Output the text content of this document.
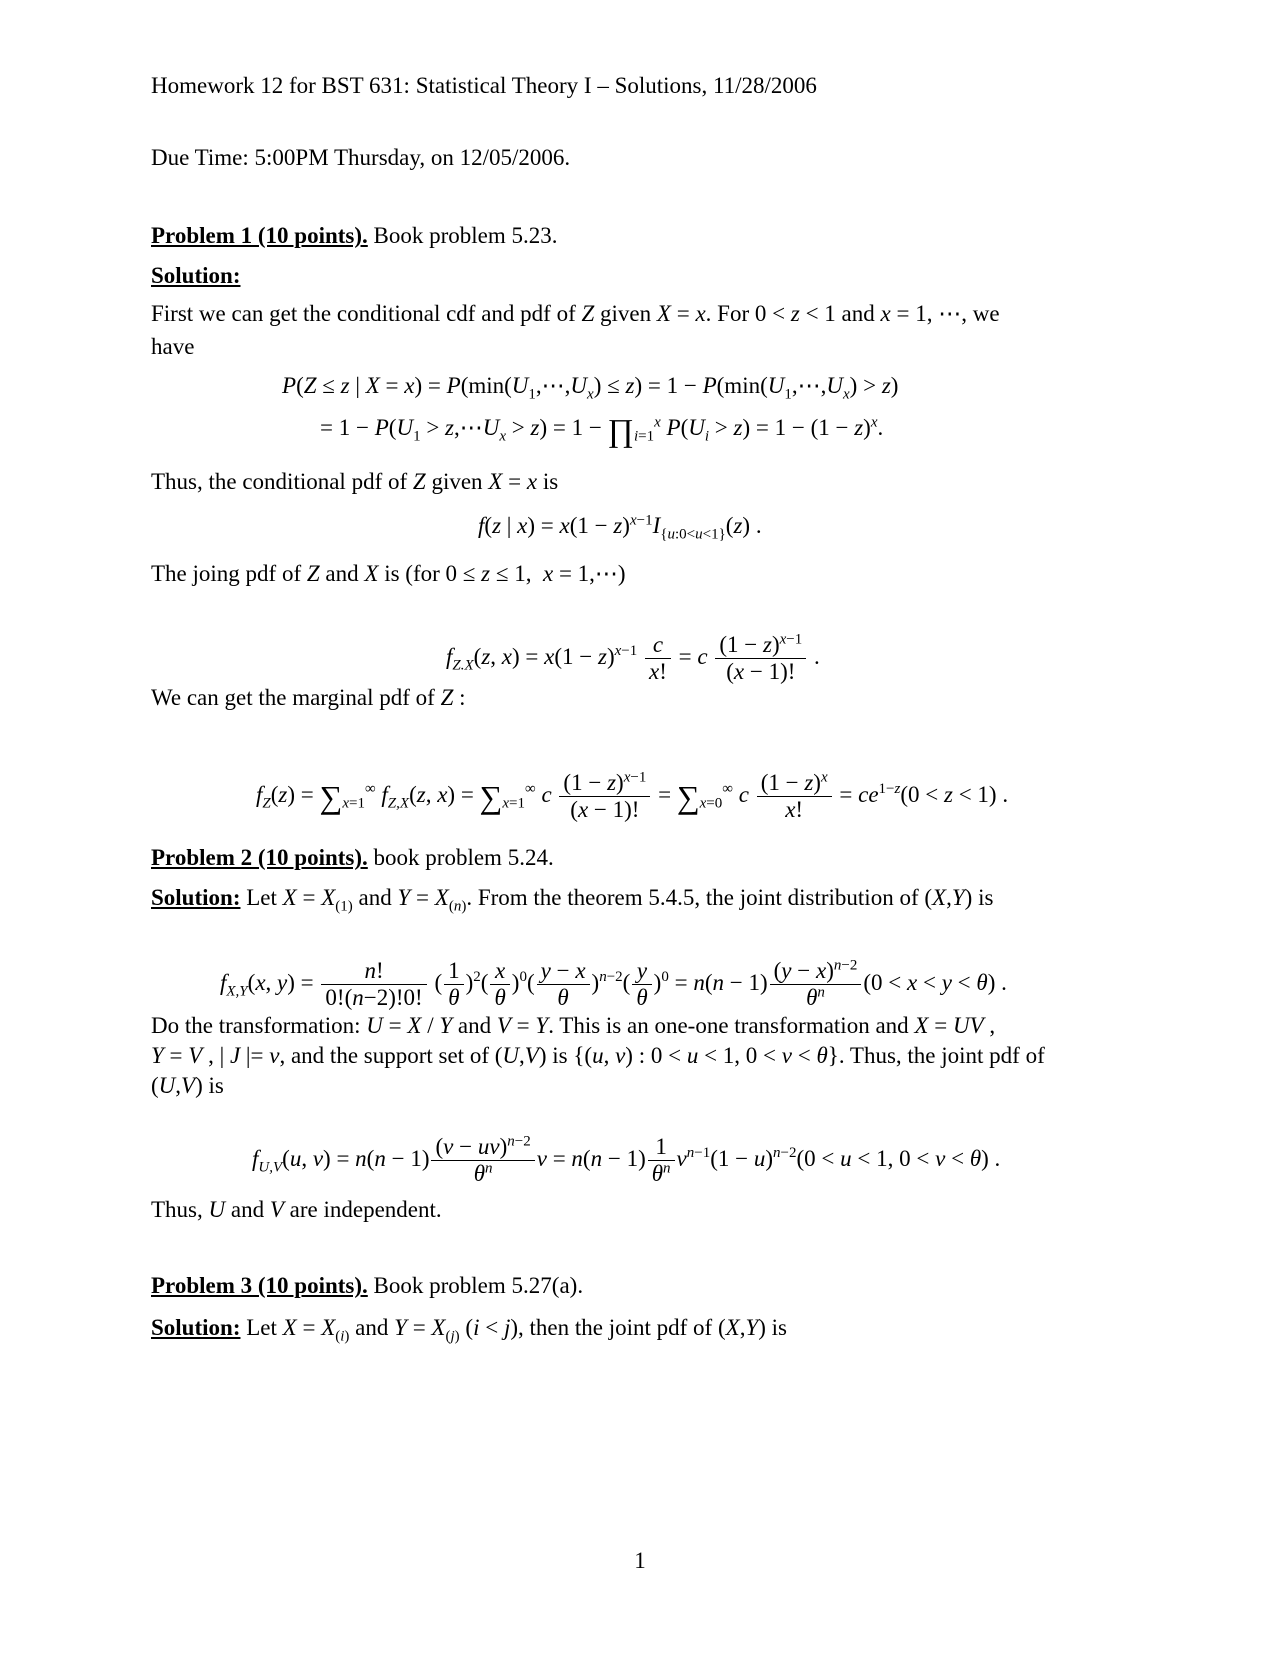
Homework 12 for BST 631: Statistical Theory I – Solutions, 11/28/2006
Due Time: 5:00PM Thursday, on 12/05/2006.
Problem 1 (10 points). Book problem 5.23.
Solution:
First we can get the conditional cdf and pdf of Z given X = x. For 0 < z < 1 and x = 1, ⋯, we
have
P(Z ≤ z | $X = x) = P(\min(U_1,\cdots,U_x) \le z) = 1$ − $P(\min(U_1,\cdots,U_x) > z)$
= $1 - P(U_1$ > $z,\cdots U_x > z) = 1$ − $\prod_{i=1}^x$ $P(U_i > z) = 1 - (1 - z)^x$.
Thus, the conditional pdf of Z given X = x is
f(z | $x) = x(1 - z)^{x-1}I_{\{u:0<u<1\}}(z)$ .
The joing pdf of Z and X is (for 0 ≤ z ≤ 1,  x = 1,⋯)
$f_{Z.X}(z$, $x) = x(1 - z)^{x-1} \frac{c}{x!} = c \frac{(1 - z)^{x-1}}{(x - 1)!}$ .
We can get the marginal pdf of Z :
$f_Z(z) = \sum_{x=1}^\infty$ $f_{Z,X}(z$, $x) = \sum_{x=1}^\infty$ c $\frac{(1 - z)^{x-1}}{(x - 1)!} = \sum_{x=0}^\infty$ c $\frac{(1 - z)^x}{x!} = ce^{1-z}(0 < z < 1)$ .
Problem 2 (10 points). book problem 5.24.
Solution: Let $X = X_{(1)}$ and $Y = X_{(n)}$. From the theorem 5.4.5, the joint distribution of (X,Y) is
$f_{X,Y}(x$, $y) = \frac{n!}{0!(n-2)!0!}$ ( $\frac{1}{\theta} )^2( \frac{x}{\theta} )^0( \frac{y - x}{\theta} )^{n-2}( \frac{y}{\theta} )^0 = n(n - 1) \frac{(y - x)^{n-2}}{\theta^n} (0 < x < y < \theta)$ .
Do the transformation: U = X / Y and V = Y. This is an one-one transformation and X = UV ,
Y = V , | J |= v, and the support set of (U,V) is {(u, v) : 0 < u < 1, 0 < v < θ}. Thus, the joint pdf of
(U,V) is
$f_{U,V}(u$, $v) = n(n - 1) \frac{(v - uv)^{n-2}}{\theta^n}$ $v = n(n - 1) \frac{1}{\theta^n} v^{n-1}(1 - u)^{n-2}(0 < u < 1$, 0 < v < θ) .
Thus, U and V are independent.
Problem 3 (10 points). Book problem 5.27(a).
Solution: Let $X = X_{(i)}$ and $Y = X_{(j)}$ (i < j), then the joint pdf of (X,Y) is
1
